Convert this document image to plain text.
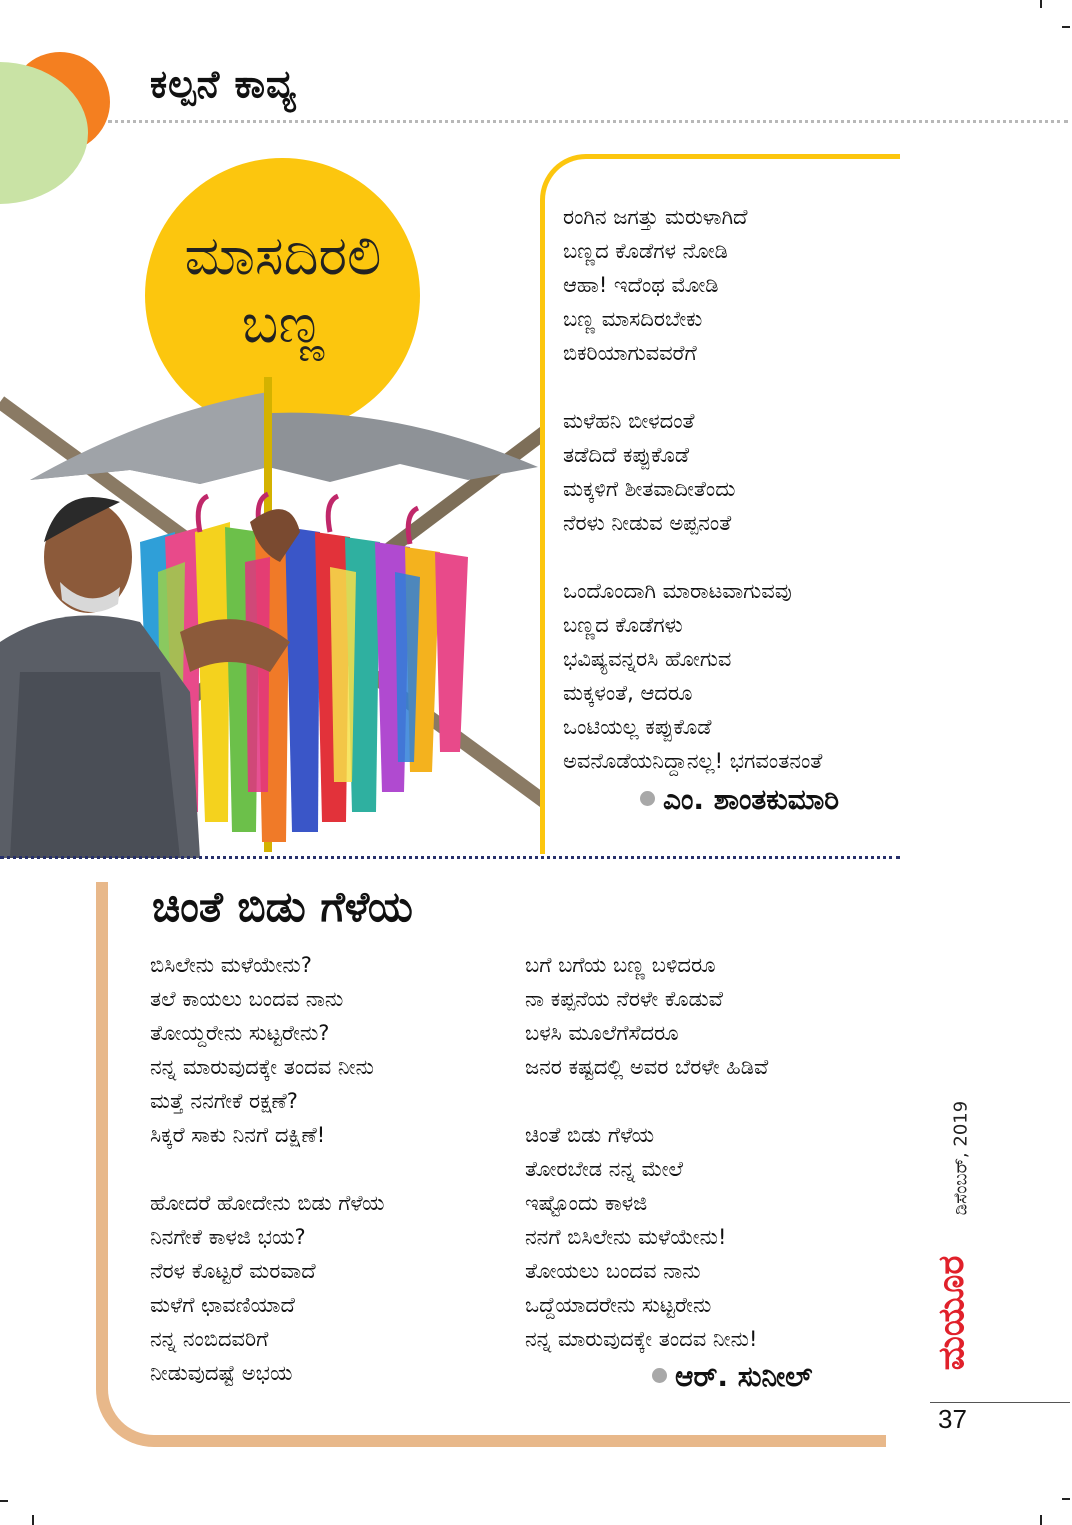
ಕಲ್ಪನೆ ಕಾವ್ಯ
ಮಾಸದಿರಲಿ
ಬಣ್ಣ
ರಂಗಿನ ಜಗತ್ತು ಮರುಳಾಗಿದೆ
ಬಣ್ಣದ ಕೊಡೆಗಳ ನೋಡಿ
ಆಹಾ! ಇದೆಂಥ ಮೋಡಿ
ಬಣ್ಣ ಮಾಸದಿರಬೇಕು
ಬಿಕರಿಯಾಗುವವರೆಗೆ
ಮಳೆಹನಿ ಬೀಳದಂತೆ
ತಡೆದಿದೆ ಕಪ್ಪುಕೊಡೆ
ಮಕ್ಕಳಿಗೆ ಶೀತವಾದೀತೆಂದು
ನೆರಳು ನೀಡುವ ಅಪ್ಪನಂತೆ
ಒಂದೊಂದಾಗಿ ಮಾರಾಟವಾಗುವವು
ಬಣ್ಣದ ಕೊಡೆಗಳು
ಭವಿಷ್ಯವನ್ನರಸಿ ಹೋಗುವ
ಮಕ್ಕಳಂತೆ, ಆದರೂ
ಒಂಟಿಯಲ್ಲ ಕಪ್ಪುಕೊಡೆ
ಅವನೊಡೆಯನಿದ್ದಾನಲ್ಲ! ಭಗವಂತನಂತೆ
ಎಂ. ಶಾಂತಕುಮಾರಿ
ಚಿಂತೆ ಬಿಡು ಗೆಳೆಯ
ಬಿಸಿಲೇನು ಮಳೆಯೇನು?
ತಲೆ ಕಾಯಲು ಬಂದವ ನಾನು
ತೋಯ್ದರೇನು ಸುಟ್ಟರೇನು?
ನನ್ನ ಮಾರುವುದಕ್ಕೇ ತಂದವ ನೀನು
ಮತ್ತೆ ನನಗೇಕೆ ರಕ್ಷಣೆ?
ಸಿಕ್ಕರೆ ಸಾಕು ನಿನಗೆ ದಕ್ಷಿಣೆ!
ಹೋದರೆ ಹೋದೇನು ಬಿಡು ಗೆಳೆಯ
ನಿನಗೇಕೆ ಕಾಳಜಿ ಭಯ?
ನೆರಳ ಕೊಟ್ಟರೆ ಮರವಾದೆ
ಮಳೆಗೆ ಛಾವಣಿಯಾದೆ
ನನ್ನ ನಂಬಿದವರಿಗೆ
ನೀಡುವುದಷ್ಟೆ ಅಭಯ
ಬಗೆ ಬಗೆಯ ಬಣ್ಣ ಬಳಿದರೂ
ನಾ ಕಪ್ಪನೆಯ ನೆರಳೇ ಕೊಡುವೆ
ಬಳಸಿ ಮೂಲೆಗೆಸೆದರೂ
ಜನರ ಕಷ್ಟದಲ್ಲಿ ಅವರ ಬೆರಳೇ ಹಿಡಿವೆ
ಚಿಂತೆ ಬಿಡು ಗೆಳೆಯ
ತೋರಬೇಡ ನನ್ನ ಮೇಲೆ
ಇಷ್ಟೊಂದು ಕಾಳಜಿ
ನನಗೆ ಬಿಸಿಲೇನು ಮಳೆಯೇನು!
ತೋಯಲು ಬಂದವ ನಾನು
ಒದ್ದೆಯಾದರೇನು ಸುಟ್ಟರೇನು
ನನ್ನ ಮಾರುವುದಕ್ಕೇ ತಂದವ ನೀನು!
ಆರ್. ಸುನೀಲ್
ಡಿಸೆಂಬರ್, 2019
ಮಯೂರ
37
